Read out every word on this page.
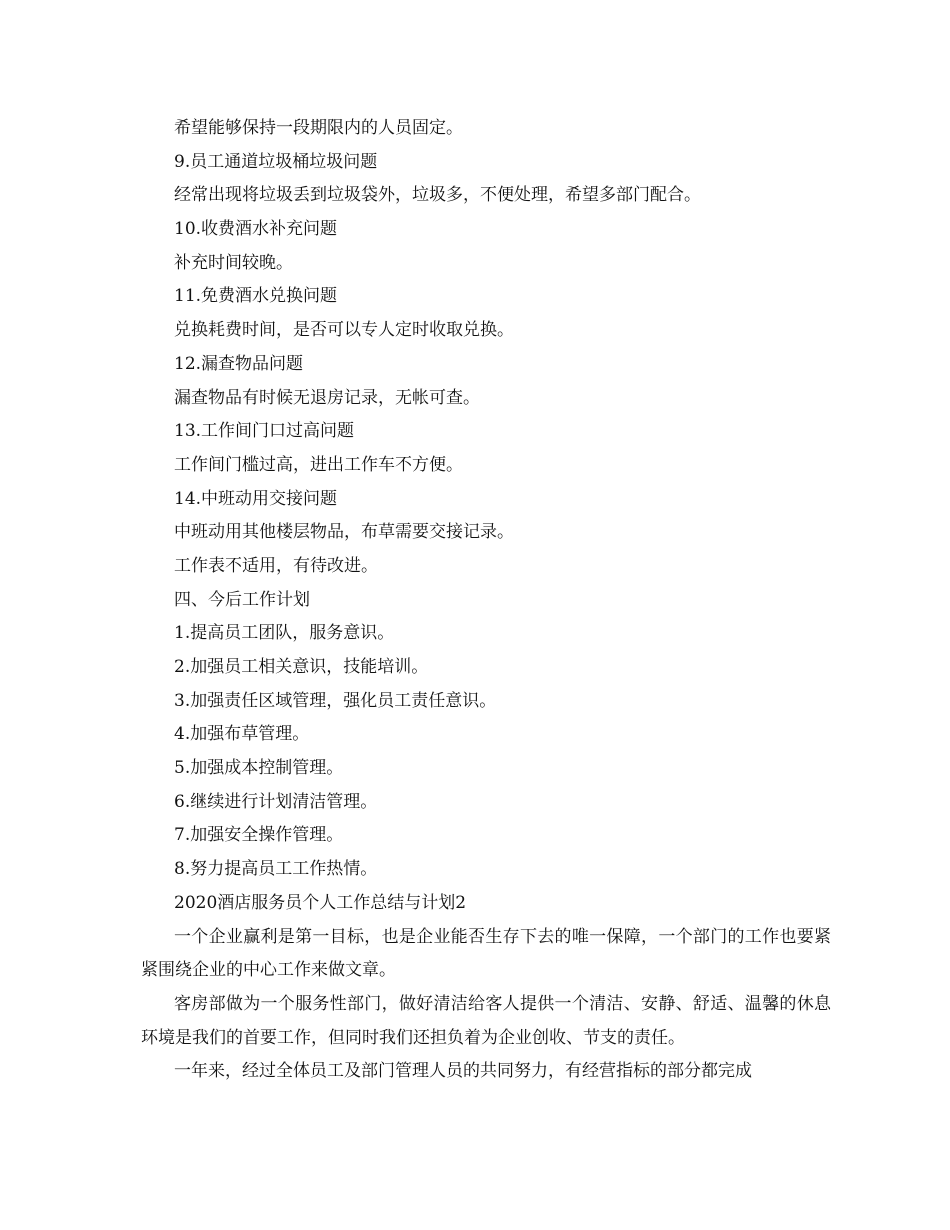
希望能够保持一段期限内的人员固定。

9.员工通道垃圾桶垃圾问题

经常出现将垃圾丢到垃圾袋外，垃圾多，不便处理，希望多部门配合。

10.收费酒水补充问题

补充时间较晚。

11.免费酒水兑换问题

兑换耗费时间，是否可以专人定时收取兑换。

12.漏查物品问题

漏查物品有时候无退房记录，无帐可查。

13.工作间门口过高问题

工作间门槛过高，进出工作车不方便。

14.中班动用交接问题

中班动用其他楼层物品，布草需要交接记录。

工作表不适用，有待改进。

四、今后工作计划

1.提高员工团队，服务意识。

2.加强员工相关意识，技能培训。

3.加强责任区域管理，强化员工责任意识。

4.加强布草管理。

5.加强成本控制管理。

6.继续进行计划清洁管理。

7.加强安全操作管理。

8.努力提高员工工作热情。

2020酒店服务员个人工作总结与计划2

一个企业赢利是第一目标，也是企业能否生存下去的唯一保障，一个部门的工作也要紧紧围绕企业的中心工作来做文章。

客房部做为一个服务性部门，做好清洁给客人提供一个清洁、安静、舒适、温馨的休息环境是我们的首要工作，但同时我们还担负着为企业创收、节支的责任。

一年来，经过全体员工及部门管理人员的共同努力，有经营指标的部分都完成
